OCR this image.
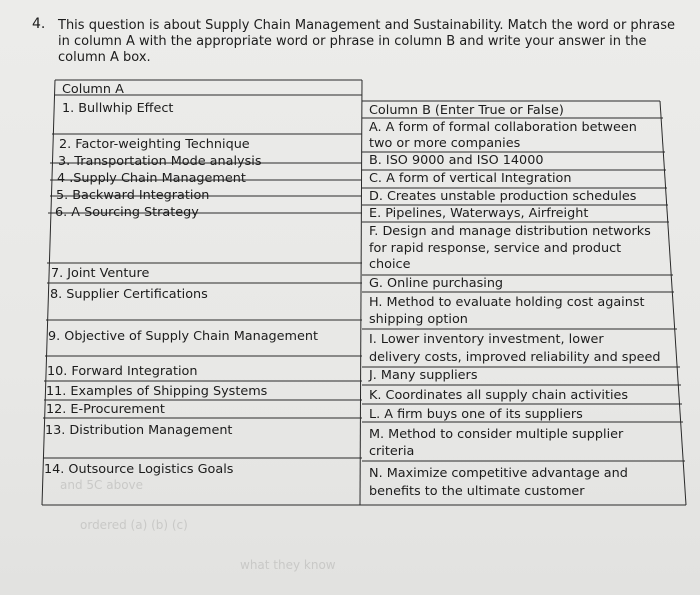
4. This question is about Supply Chain Management and Sustainability. Match the word or phrase
in column A with the appropriate word or phrase in column B and write your answer in the
column A box.
Column A
1. Bullwhip Effect
2. Factor-weighting Technique
3. Transportation Mode analysis
4 .Supply Chain Management
5. Backward Integration
6. A Sourcing Strategy
7. Joint Venture
8. Supplier Certifications
9. Objective of Supply Chain Management
10. Forward Integration
11. Examples of Shipping Systems
12. E-Procurement
13. Distribution Management
14. Outsource Logistics Goals
Column B (Enter True or False)
A. A form of formal collaboration between
two or more companies
B. ISO 9000 and ISO 14000
C. A form of vertical Integration
D. Creates unstable production schedules
E. Pipelines, Waterways, Airfreight
F. Design and manage distribution networks
for rapid response, service and product
choice
G. Online purchasing
H. Method to evaluate holding cost against
shipping option
I. Lower inventory investment, lower
delivery costs, improved reliability and speed
J. Many suppliers
K. Coordinates all supply chain activities
L. A firm buys one of its suppliers
M. Method to consider multiple supplier
criteria
N. Maximize competitive advantage and
benefits to the ultimate customer
and 5C above
ordered (a) (b) (c)
what they know
